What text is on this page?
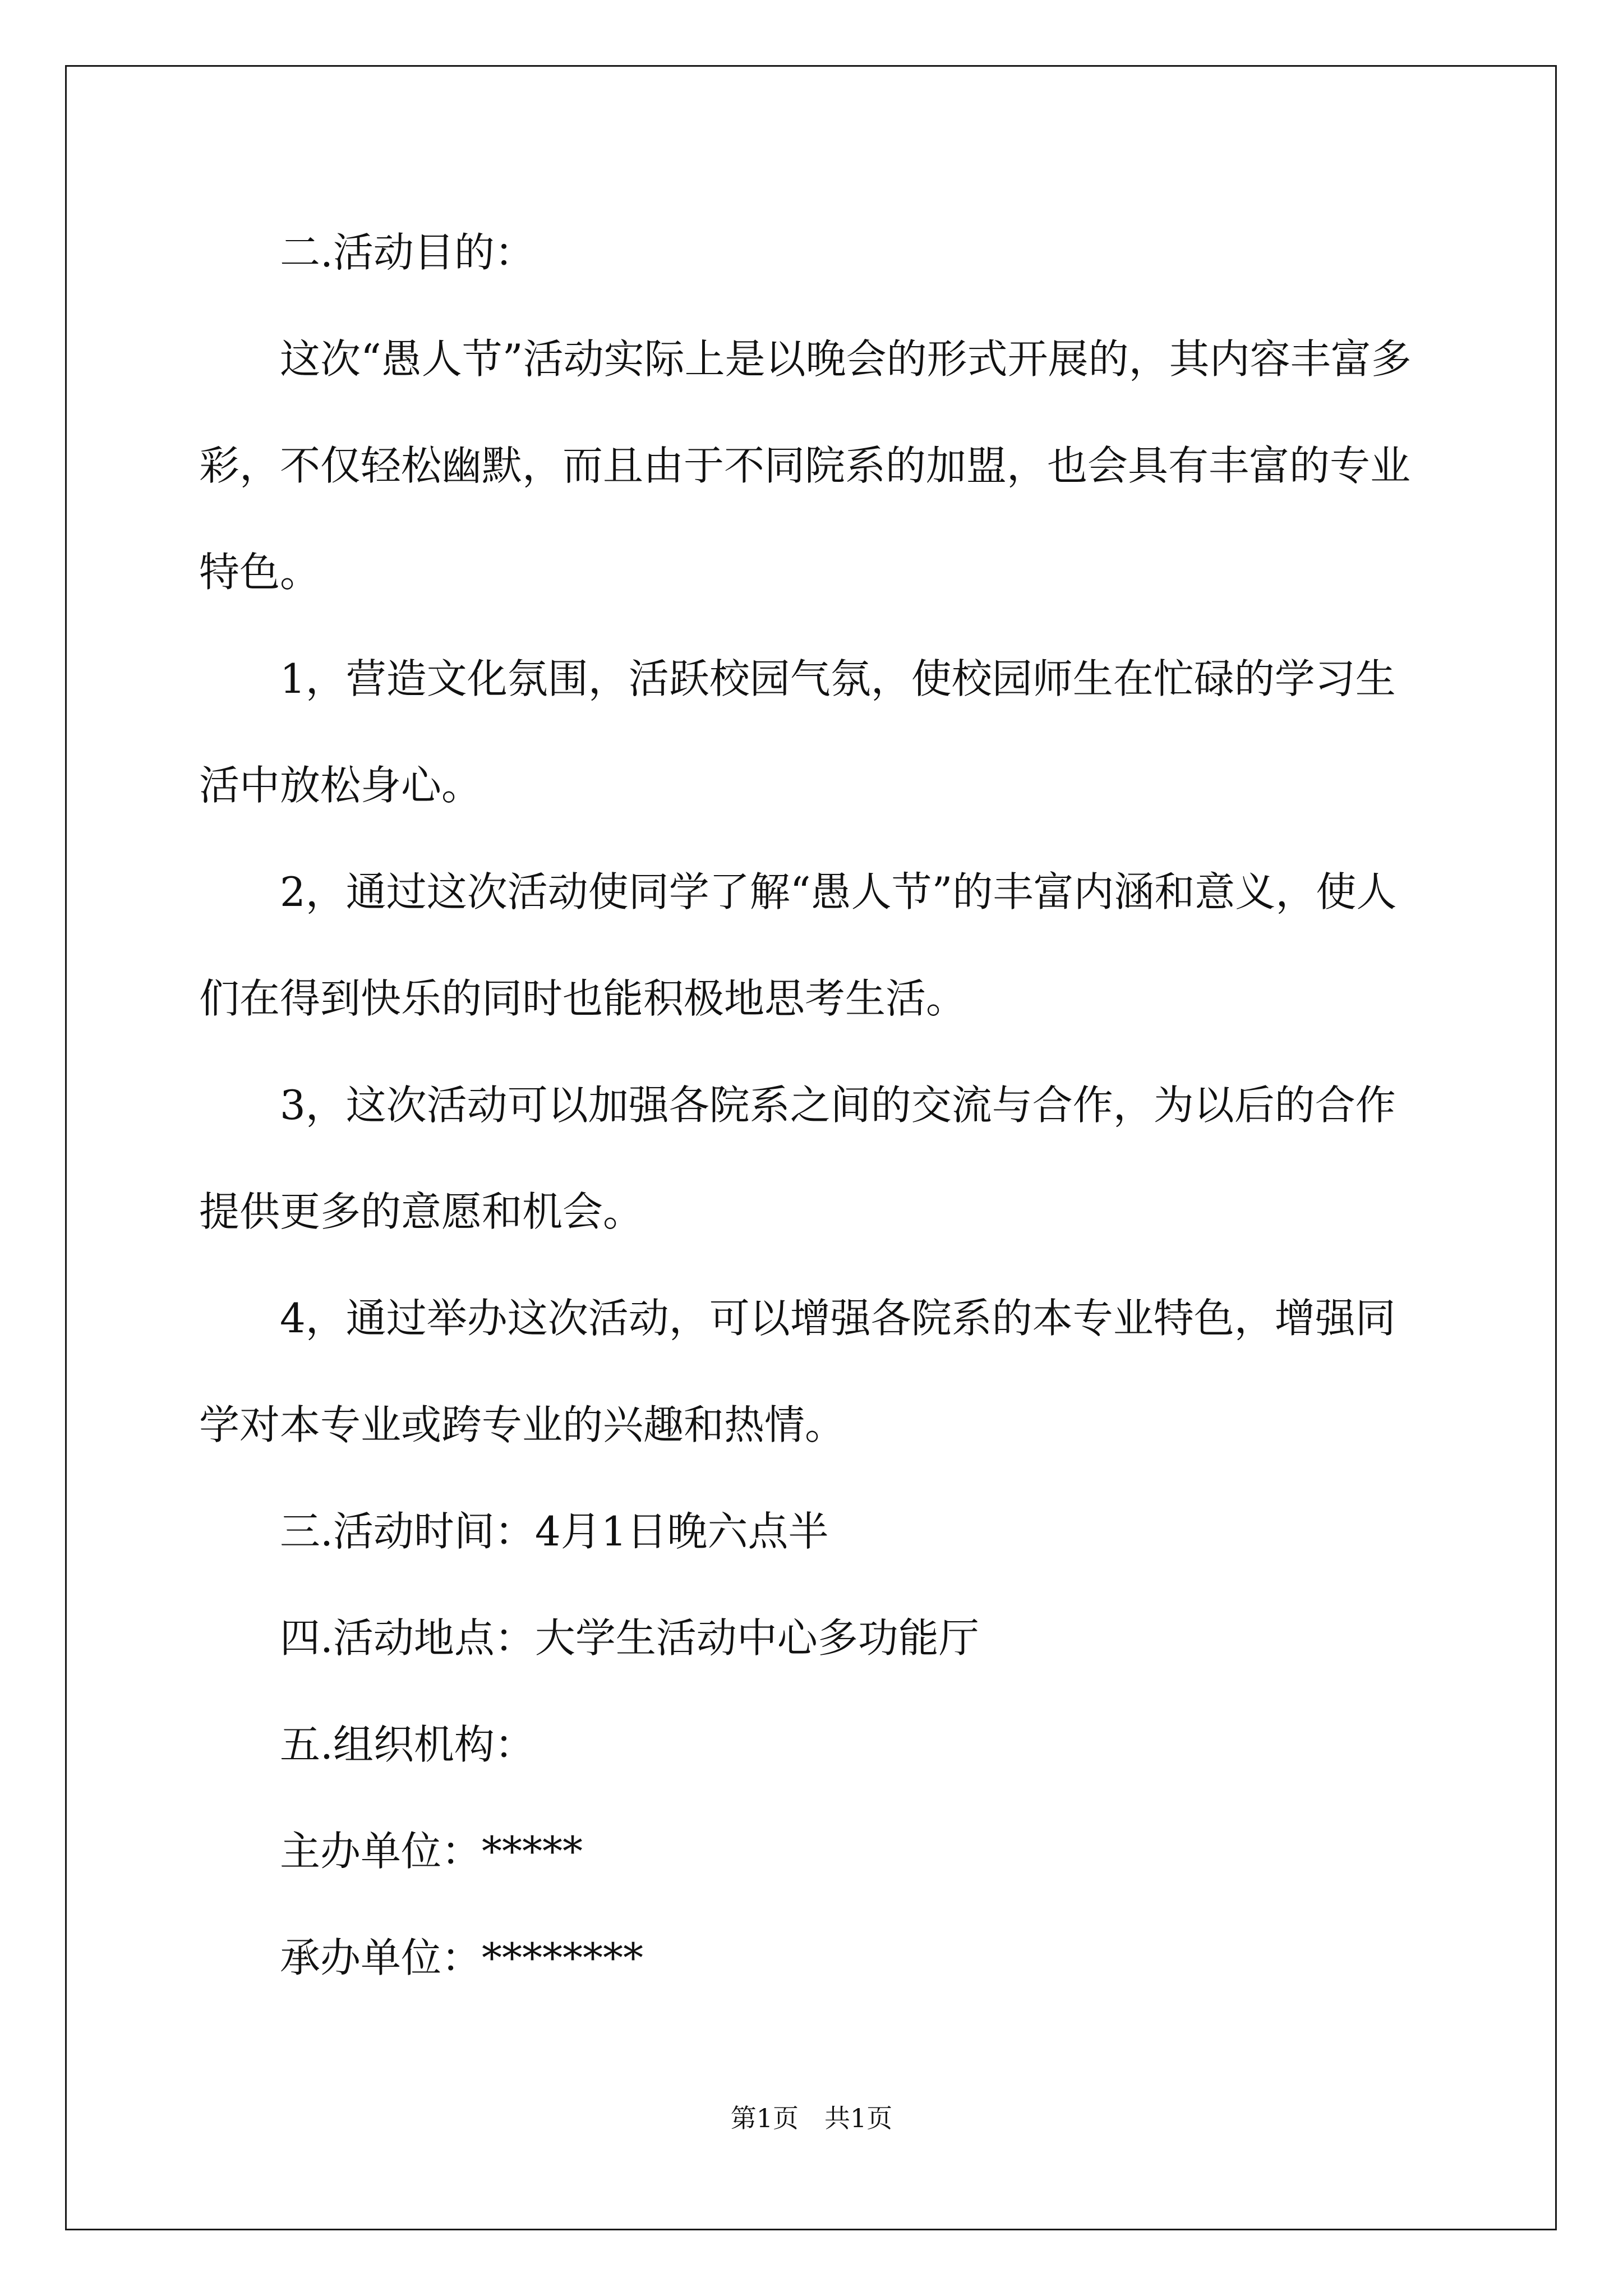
二.活动目的：

这次“愚人节”活动实际上是以晚会的形式开展的，其内容丰富多彩，不仅轻松幽默，而且由于不同院系的加盟，也会具有丰富的专业特色。

1，营造文化氛围，活跃校园气氛，使校园师生在忙碌的学习生活中放松身心。

2，通过这次活动使同学了解“愚人节”的丰富内涵和意义，使人们在得到快乐的同时也能积极地思考生活。

3，这次活动可以加强各院系之间的交流与合作，为以后的合作提供更多的意愿和机会。

4，通过举办这次活动，可以增强各院系的本专业特色，增强同学对本专业或跨专业的兴趣和热情。

三.活动时间：4月1日晚六点半

四.活动地点：大学生活动中心多功能厅

五.组织机构：

主办单位：*****

承办单位：********

第1页　共1页
